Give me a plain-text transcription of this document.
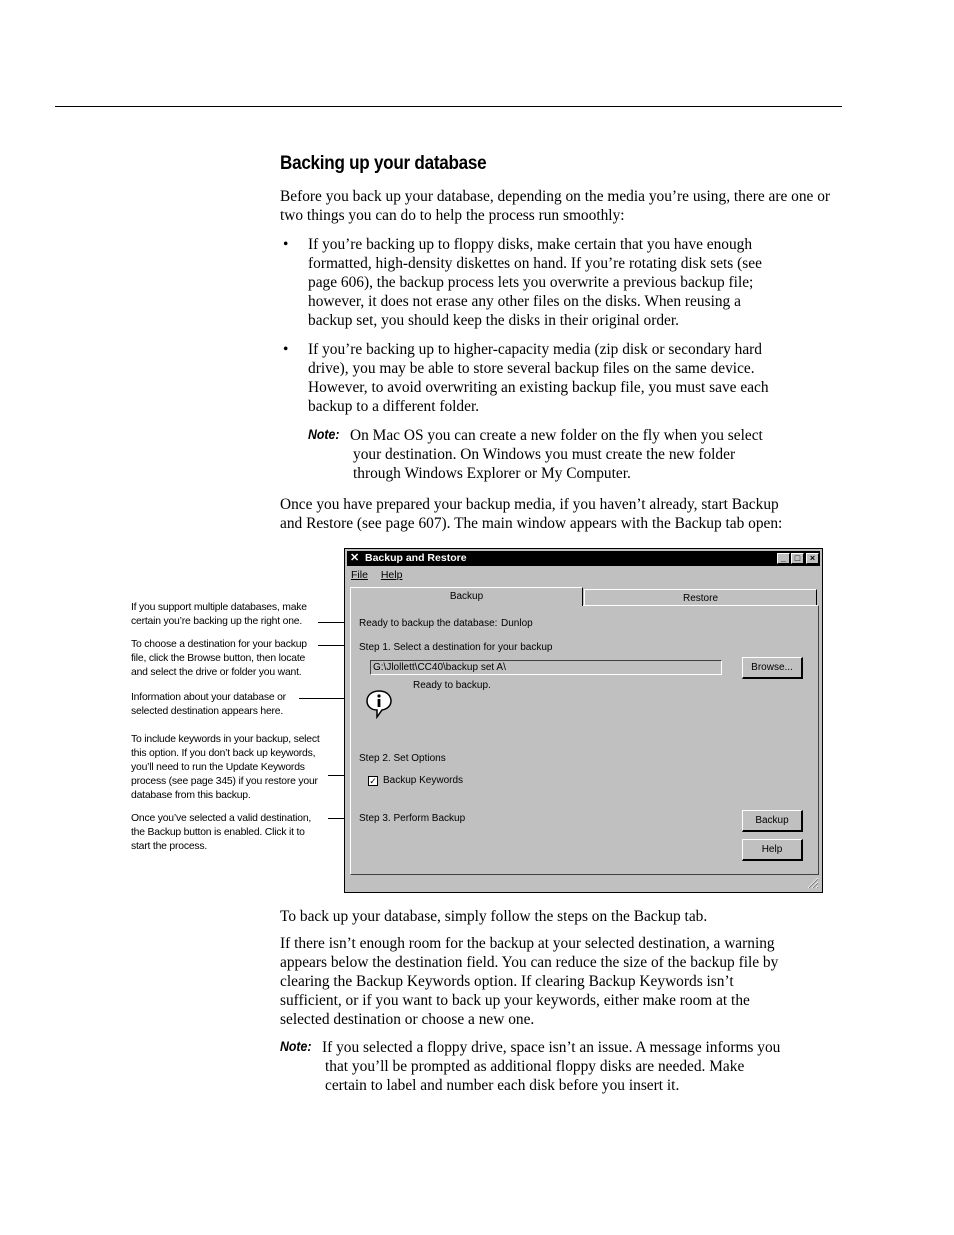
Backing up your database

Before you back up your database, depending on the media you’re using, there are one or two things you can do to help the process run smoothly:

• If you’re backing up to floppy disks, make certain that you have enough
formatted, high-density diskettes on hand. If you’re rotating disk sets (see
page 606), the backup process lets you overwrite a previous backup file;
however, it does not erase any other files on the disks. When reusing a
backup set, you should keep the disks in their original order.
• If you’re backing up to higher-capacity media (zip disk or secondary hard
drive), you may be able to store several backup files on the same device.
However, to avoid overwriting an existing backup file, you must save each
backup to a different folder.
Note: On Mac OS you can create a new folder on the fly when you select
your destination. On Windows you must create the new folder
through Windows Explorer or My Computer.
Once you have prepared your backup media, if you haven’t already, start Backup
and Restore (see page 607). The main window appears with the Backup tab open:
If you support multiple databases, make
certain you’re backing up the right one.
To choose a destination for your backup
file, click the Browse button, then locate
and select the drive or folder you want.
Information about your database or
selected destination appears here.
To include keywords in your backup, select
this option. If you don’t back up keywords,
you’ll need to run the Update Keywords
process (see page 345) if you restore your
database from this backup.
Once you’ve selected a valid destination,
the Backup button is enabled. Click it to
start the process.
✕ Backup and Restore	_ □	×
File Help
Backup	Restore
Ready to backup the database: Dunlop
Step 1. Select a destination for your backup
G:\Jlollett\CC40\backup set A\	Browse...
Ready to backup.
Step 2. Set Options
✓ Backup Keywords
Step 3. Perform Backup	Backup
Help

To back up your database, simply follow the steps on the Backup tab.

If there isn’t enough room for the backup at your selected destination, a warning
appears below the destination field. You can reduce the size of the backup file by
clearing the Backup Keywords option. If clearing Backup Keywords isn’t
sufficient, or if you want to back up your keywords, either make room at the
selected destination or choose a new one.
Note: If you selected a floppy drive, space isn’t an issue. A message informs you
that you’ll be prompted as additional floppy disks are needed. Make
certain to label and number each disk before you insert it.
